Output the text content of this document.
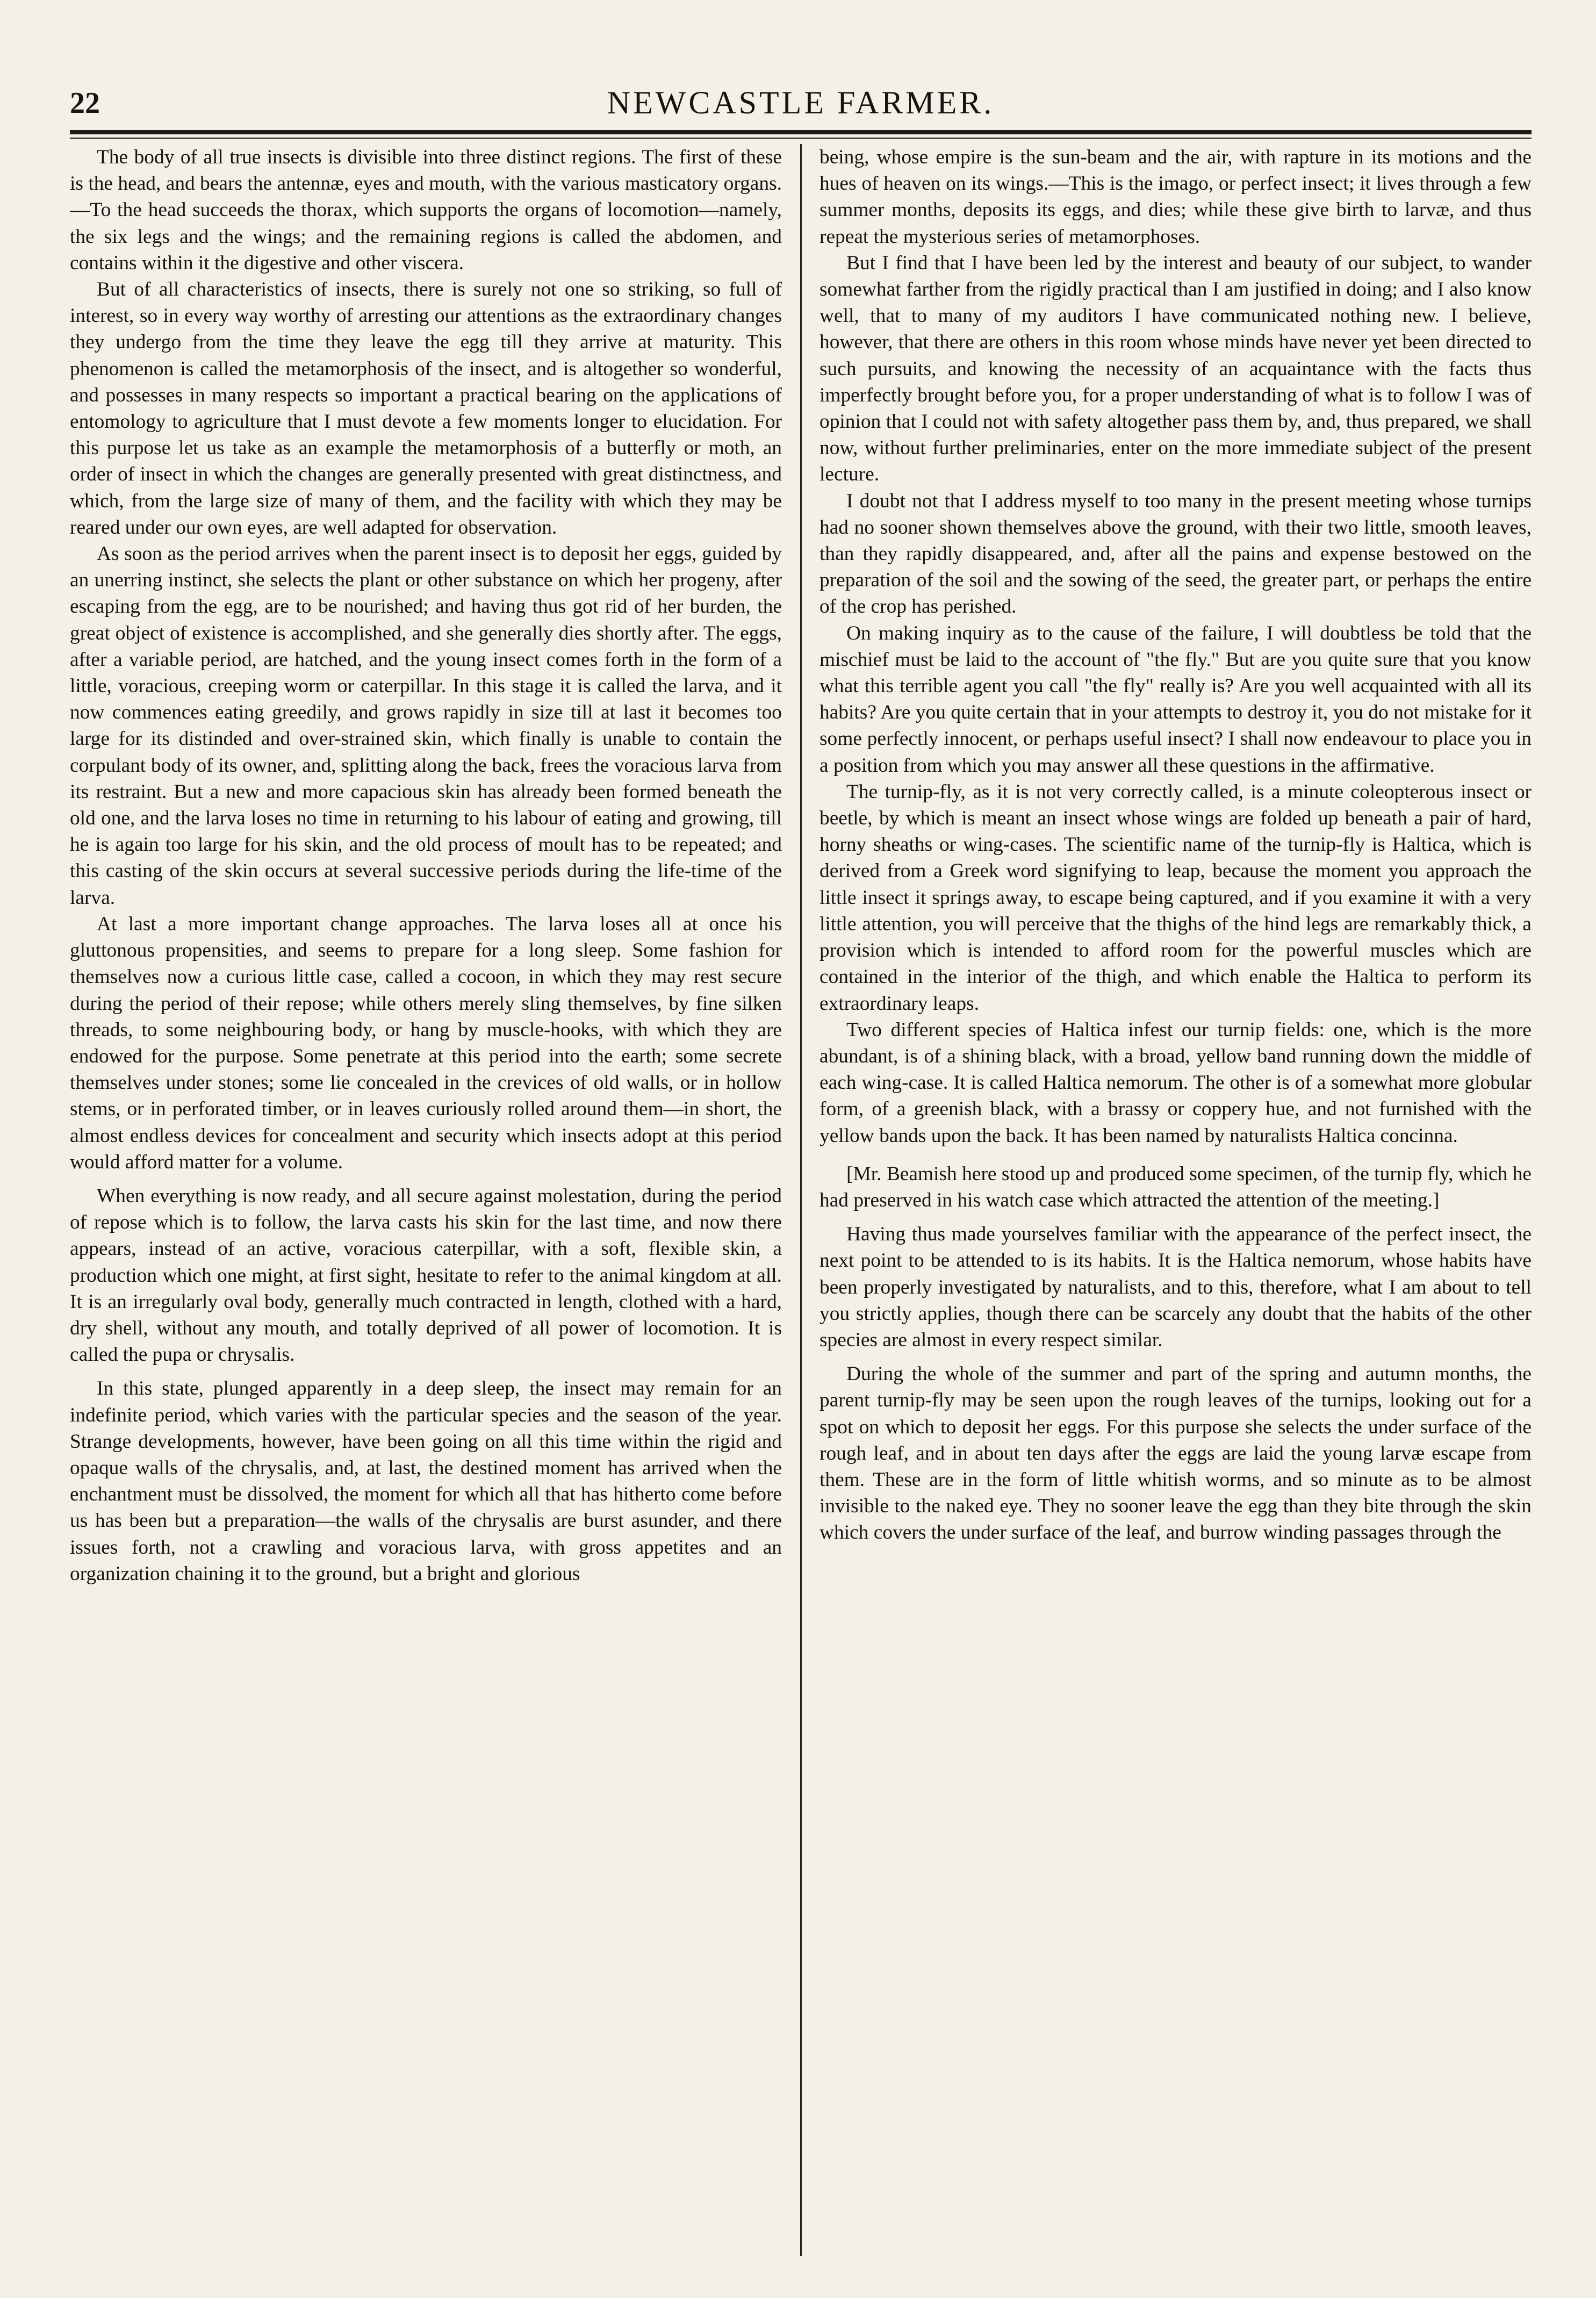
22	NEWCASTLE FARMER.

The body of all true insects is divisible into three distinct regions. The first of these is the head, and bears the antennæ, eyes and mouth, with the various masticatory organs.—To the head succeeds the thorax, which supports the organs of locomotion—namely, the six legs and the wings; and the remaining regions is called the abdomen, and contains within it the digestive and other viscera.

But of all characteristics of insects, there is surely not one so striking, so full of interest, so in every way worthy of arresting our attentions as the extraordinary changes they undergo from the time they leave the egg till they arrive at maturity. This phenomenon is called the metamorphosis of the insect, and is altogether so wonderful, and possesses in many respects so important a practical bearing on the applications of entomology to agriculture that I must devote a few moments longer to elucidation. For this purpose let us take as an example the metamorphosis of a butterfly or moth, an order of insect in which the changes are generally presented with great distinctness, and which, from the large size of many of them, and the facility with which they may be reared under our own eyes, are well adapted for observation.

As soon as the period arrives when the parent insect is to deposit her eggs, guided by an unerring instinct, she selects the plant or other substance on which her progeny, after escaping from the egg, are to be nourished; and having thus got rid of her burden, the great object of existence is accomplished, and she generally dies shortly after. The eggs, after a variable period, are hatched, and the young insect comes forth in the form of a little, voracious, creeping worm or caterpillar. In this stage it is called the larva, and it now commences eating greedily, and grows rapidly in size till at last it becomes too large for its distinded and over-strained skin, which finally is unable to contain the corpulant body of its owner, and, splitting along the back, frees the voracious larva from its restraint. But a new and more capacious skin has already been formed beneath the old one, and the larva loses no time in returning to his labour of eating and growing, till he is again too large for his skin, and the old process of moult has to be repeated; and this casting of the skin occurs at several successive periods during the life-time of the larva.

At last a more important change approaches. The larva loses all at once his gluttonous propensities, and seems to prepare for a long sleep. Some fashion for themselves now a curious little case, called a cocoon, in which they may rest secure during the period of their repose; while others merely sling themselves, by fine silken threads, to some neighbouring body, or hang by muscle-hooks, with which they are endowed for the purpose. Some penetrate at this period into the earth; some secrete themselves under stones; some lie concealed in the crevices of old walls, or in hollow stems, or in perforated timber, or in leaves curiously rolled around them—in short, the almost endless devices for concealment and security which insects adopt at this period would afford matter for a volume.

When everything is now ready, and all secure against molestation, during the period of repose which is to follow, the larva casts his skin for the last time, and now there appears, instead of an active, voracious caterpillar, with a soft, flexible skin, a production which one might, at first sight, hesitate to refer to the animal kingdom at all. It is an irregularly oval body, generally much contracted in length, clothed with a hard, dry shell, without any mouth, and totally deprived of all power of locomotion. It is called the pupa or chrysalis.

In this state, plunged apparently in a deep sleep, the insect may remain for an indefinite period, which varies with the particular species and the season of the year. Strange developments, however, have been going on all this time within the rigid and opaque walls of the chrysalis, and, at last, the destined moment has arrived when the enchantment must be dissolved, the moment for which all that has hitherto come before us has been but a preparation—the walls of the chrysalis are burst asunder, and there issues forth, not a crawling and voracious larva, with gross appetites and an organization chaining it to the ground, but a bright and glorious

being, whose empire is the sun-beam and the air, with rapture in its motions and the hues of heaven on its wings.—This is the imago, or perfect insect; it lives through a few summer months, deposits its eggs, and dies; while these give birth to larvæ, and thus repeat the mysterious series of metamorphoses.

But I find that I have been led by the interest and beauty of our subject, to wander somewhat farther from the rigidly practical than I am justified in doing; and I also know well, that to many of my auditors I have communicated nothing new. I believe, however, that there are others in this room whose minds have never yet been directed to such pursuits, and knowing the necessity of an acquaintance with the facts thus imperfectly brought before you, for a proper understanding of what is to follow I was of opinion that I could not with safety altogether pass them by, and, thus prepared, we shall now, without further preliminaries, enter on the more immediate subject of the present lecture.

I doubt not that I address myself to too many in the present meeting whose turnips had no sooner shown themselves above the ground, with their two little, smooth leaves, than they rapidly disappeared, and, after all the pains and expense bestowed on the preparation of the soil and the sowing of the seed, the greater part, or perhaps the entire of the crop has perished.

On making inquiry as to the cause of the failure, I will doubtless be told that the mischief must be laid to the account of "the fly." But are you quite sure that you know what this terrible agent you call "the fly" really is? Are you well acquainted with all its habits? Are you quite certain that in your attempts to destroy it, you do not mistake for it some perfectly innocent, or perhaps useful insect? I shall now endeavour to place you in a position from which you may answer all these questions in the affirmative.

The turnip-fly, as it is not very correctly called, is a minute coleopterous insect or beetle, by which is meant an insect whose wings are folded up beneath a pair of hard, horny sheaths or wing-cases. The scientific name of the turnip-fly is Haltica, which is derived from a Greek word signifying to leap, because the moment you approach the little insect it springs away, to escape being captured, and if you examine it with a very little attention, you will perceive that the thighs of the hind legs are remarkably thick, a provision which is intended to afford room for the powerful muscles which are contained in the interior of the thigh, and which enable the Haltica to perform its extraordinary leaps.

Two different species of Haltica infest our turnip fields: one, which is the more abundant, is of a shining black, with a broad, yellow band running down the middle of each wing-case. It is called Haltica nemorum. The other is of a somewhat more globular form, of a greenish black, with a brassy or coppery hue, and not furnished with the yellow bands upon the back. It has been named by naturalists Haltica concinna.

[Mr. Beamish here stood up and produced some specimen, of the turnip fly, which he had preserved in his watch case which attracted the attention of the meeting.]

Having thus made yourselves familiar with the appearance of the perfect insect, the next point to be attended to is its habits. It is the Haltica nemorum, whose habits have been properly investigated by naturalists, and to this, therefore, what I am about to tell you strictly applies, though there can be scarcely any doubt that the habits of the other species are almost in every respect similar.

During the whole of the summer and part of the spring and autumn months, the parent turnip-fly may be seen upon the rough leaves of the turnips, looking out for a spot on which to deposit her eggs. For this purpose she selects the under surface of the rough leaf, and in about ten days after the eggs are laid the young larvæ escape from them. These are in the form of little whitish worms, and so minute as to be almost invisible to the naked eye. They no sooner leave the egg than they bite through the skin which covers the under surface of the leaf, and burrow winding passages through the
